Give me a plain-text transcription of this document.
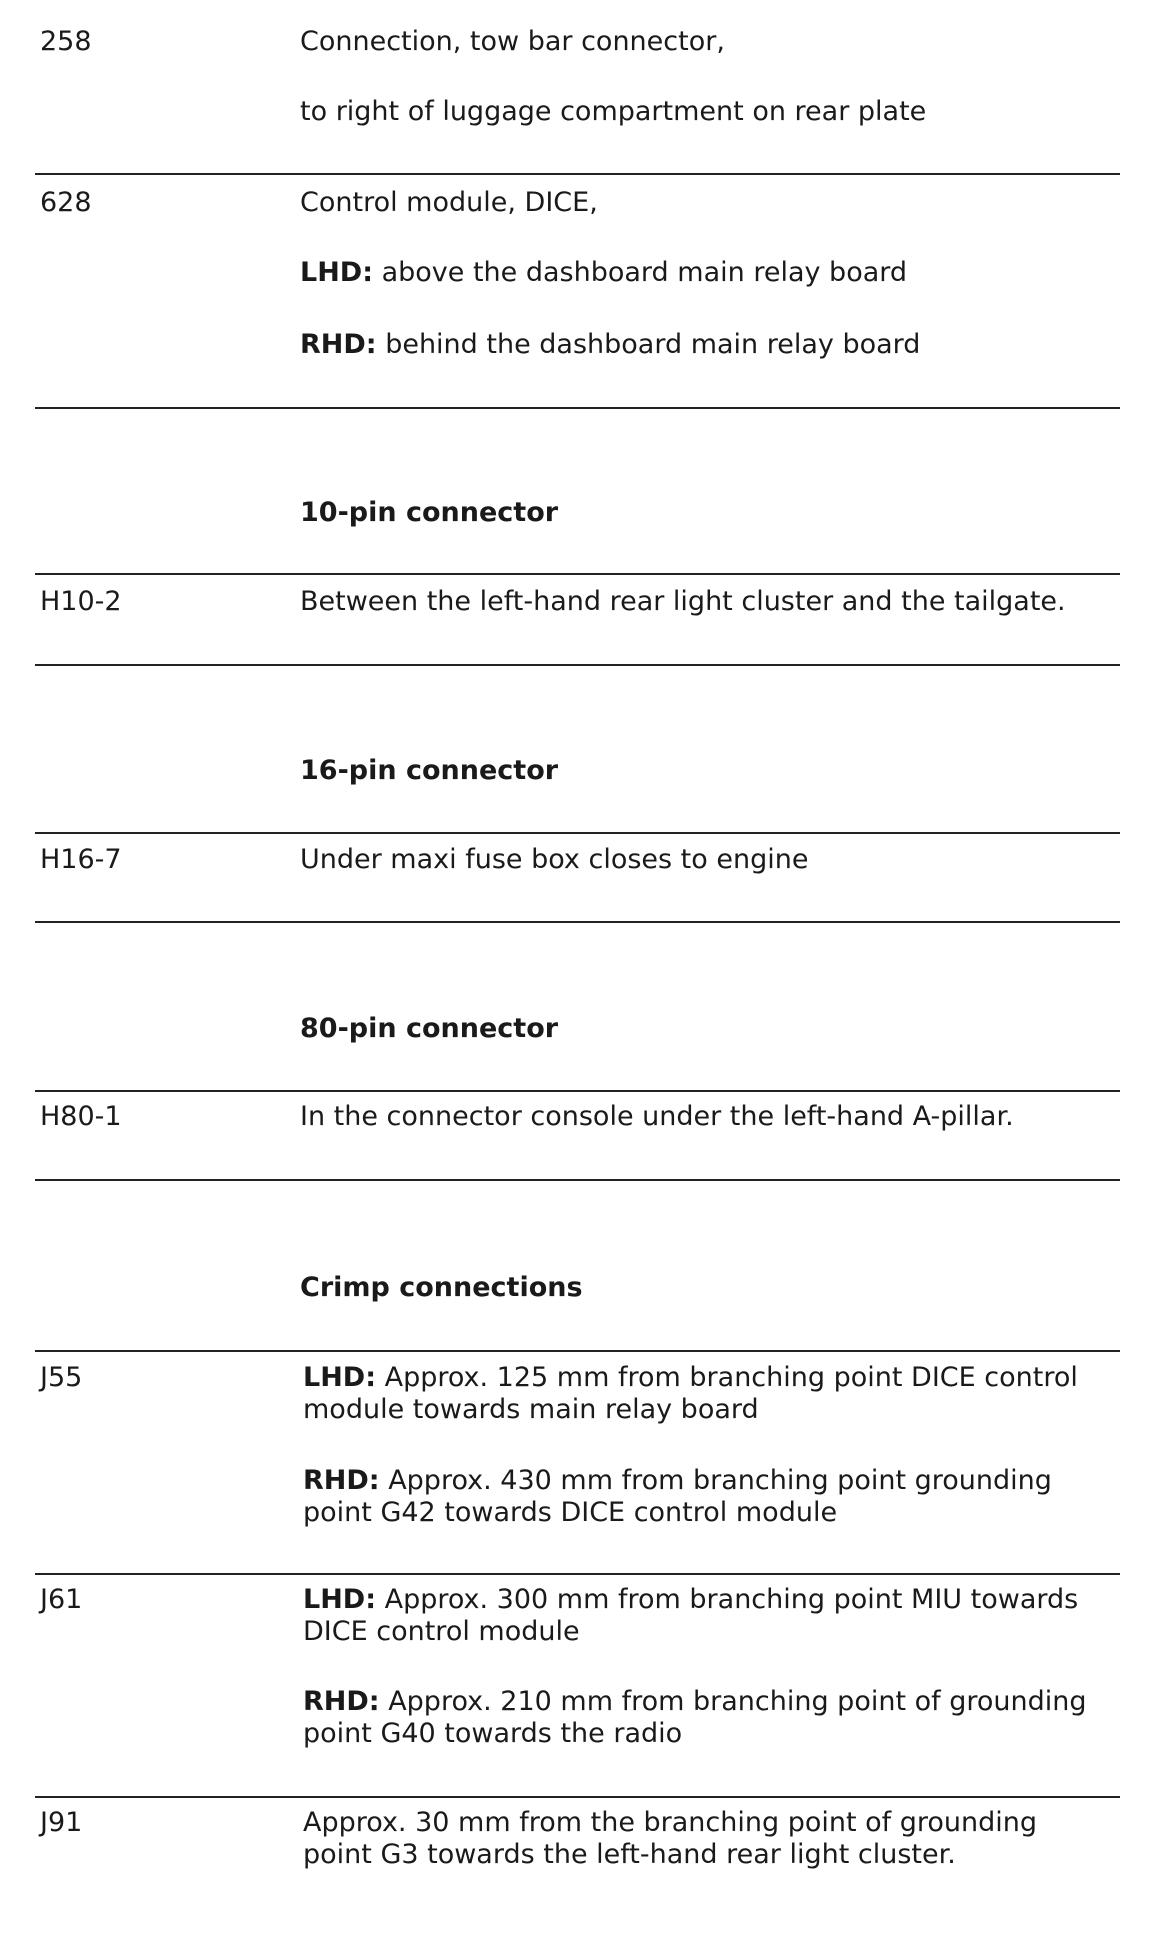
258	Connection, tow bar connector,
to right of luggage compartment on rear plate
628	Control module, DICE,
LHD: above the dashboard main relay board
RHD: behind the dashboard main relay board
10-pin connector
H10-2	Between the left-hand rear light cluster and the tailgate.
16-pin connector
H16-7	Under maxi fuse box closes to engine
80-pin connector
H80-1	In the connector console under the left-hand A-pillar.
Crimp connections
J55	LHD: Approx. 125 mm from branching point DICE control module towards main relay board
RHD: Approx. 430 mm from branching point grounding point G42 towards DICE control module
J61	LHD: Approx. 300 mm from branching point MIU towards DICE control module
RHD: Approx. 210 mm from branching point of grounding point G40 towards the radio
J91	Approx. 30 mm from the branching point of grounding point G3 towards the left-hand rear light cluster.
